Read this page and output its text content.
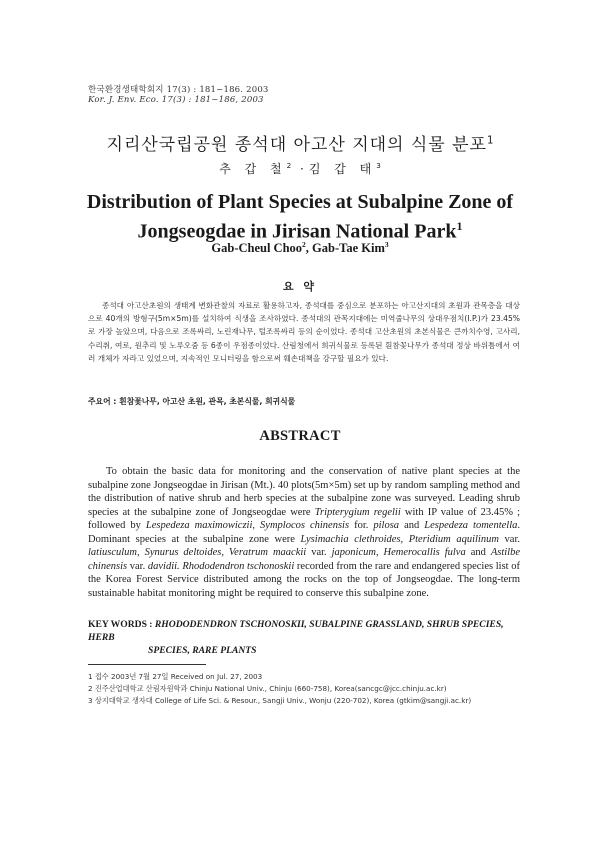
한국환경생태학회지 17(3) : 181~186. 2003
Kor. J. Env. Eco. 17(3) : 181~186, 2003
지리산국립공원 종석대 아고산 지대의 식물 분포$^1$
추 갑 철$^2$ ·김 갑 태$^3$
Distribution of Plant Species at Subalpine Zone of
Jongseogdae in Jirisan National Park$^1$
Gab-Cheul Choo$^2$, Gab-Tae Kim$^3$
요 약
종석대 아고산초원의 생태계 변화관찰의 자료로 활용하고자, 종석대를 중심으로 분포하는 아고산지대의 초원과 관목층을 대상으로 40개의 방형구(5m×5m)를 설치하여 식생을 조사하였다. 종석대의 관목지대에는 미역줄나무의 상대우점치(I.P.)가 23.45%로 가장 높았으며, 다음으로 조록싸리, 노린재나무, 털조록싸리 등의 순이었다. 종석대 고산초원의 초본식물은 큰까치수영, 고사리, 수리취, 여로, 원추리 및 노루오줌 등 6종이 우점종이었다. 산림청에서 희귀식물로 등록된 흰참꽃나무가 종석대 정상 바위틈에서 여러 개체가 자라고 있었으며, 지속적인 모니터링을 함으로써 훼손대책을 강구할 필요가 있다.
주요어 : 흰참꽃나무, 아고산 초원, 관목, 초본식물, 희귀식물
ABSTRACT

To obtain the basic data for monitoring and the conservation of native plant species at the subalpine zone Jongseogdae in Jirisan (Mt.). 40 plots(5m×5m) set up by random sampling method and the distribution of native shrub and herb species at the subalpine zone was surveyed. Leading shrub species at the subalpine zone of Jongseogdae were Tripterygium regelii with IP value of 23.45% ; followed by Lespedeza maximowiczii, Symplocos chinensis for. pilosa and Lespedeza tomentella. Dominant species at the subalpine zone were Lysimachia clethroides, Pteridium aquilinum var. latiusculum, Synurus deltoides, Veratrum maackii var. japonicum, Hemerocallis fulva and Astilbe chinensis var. davidii. Rhododendron tschonoskii recorded from the rare and endangered species list of the Korea Forest Service distributed among the rocks on the top of Jongseogdae. The long-term sustainable habitat monitoring might be required to conserve this subalpine zone.

KEY WORDS : RHODODENDRON TSCHONOSKII, SUBALPINE GRASSLAND, SHRUB SPECIES, HERB
SPECIES, RARE PLANTS
1 접수 2003년 7월 27일 Received on Jul. 27, 2003
2 진주산업대학교 산림자원학과 Chinju National Univ., Chinju (660-758), Korea(sancgc@jcc.chinju.ac.kr)
3 상지대학교 생자대 College of Life Sci. & Resour., Sangji Univ., Wonju (220-702), Korea (gtkim@sangji.ac.kr)
